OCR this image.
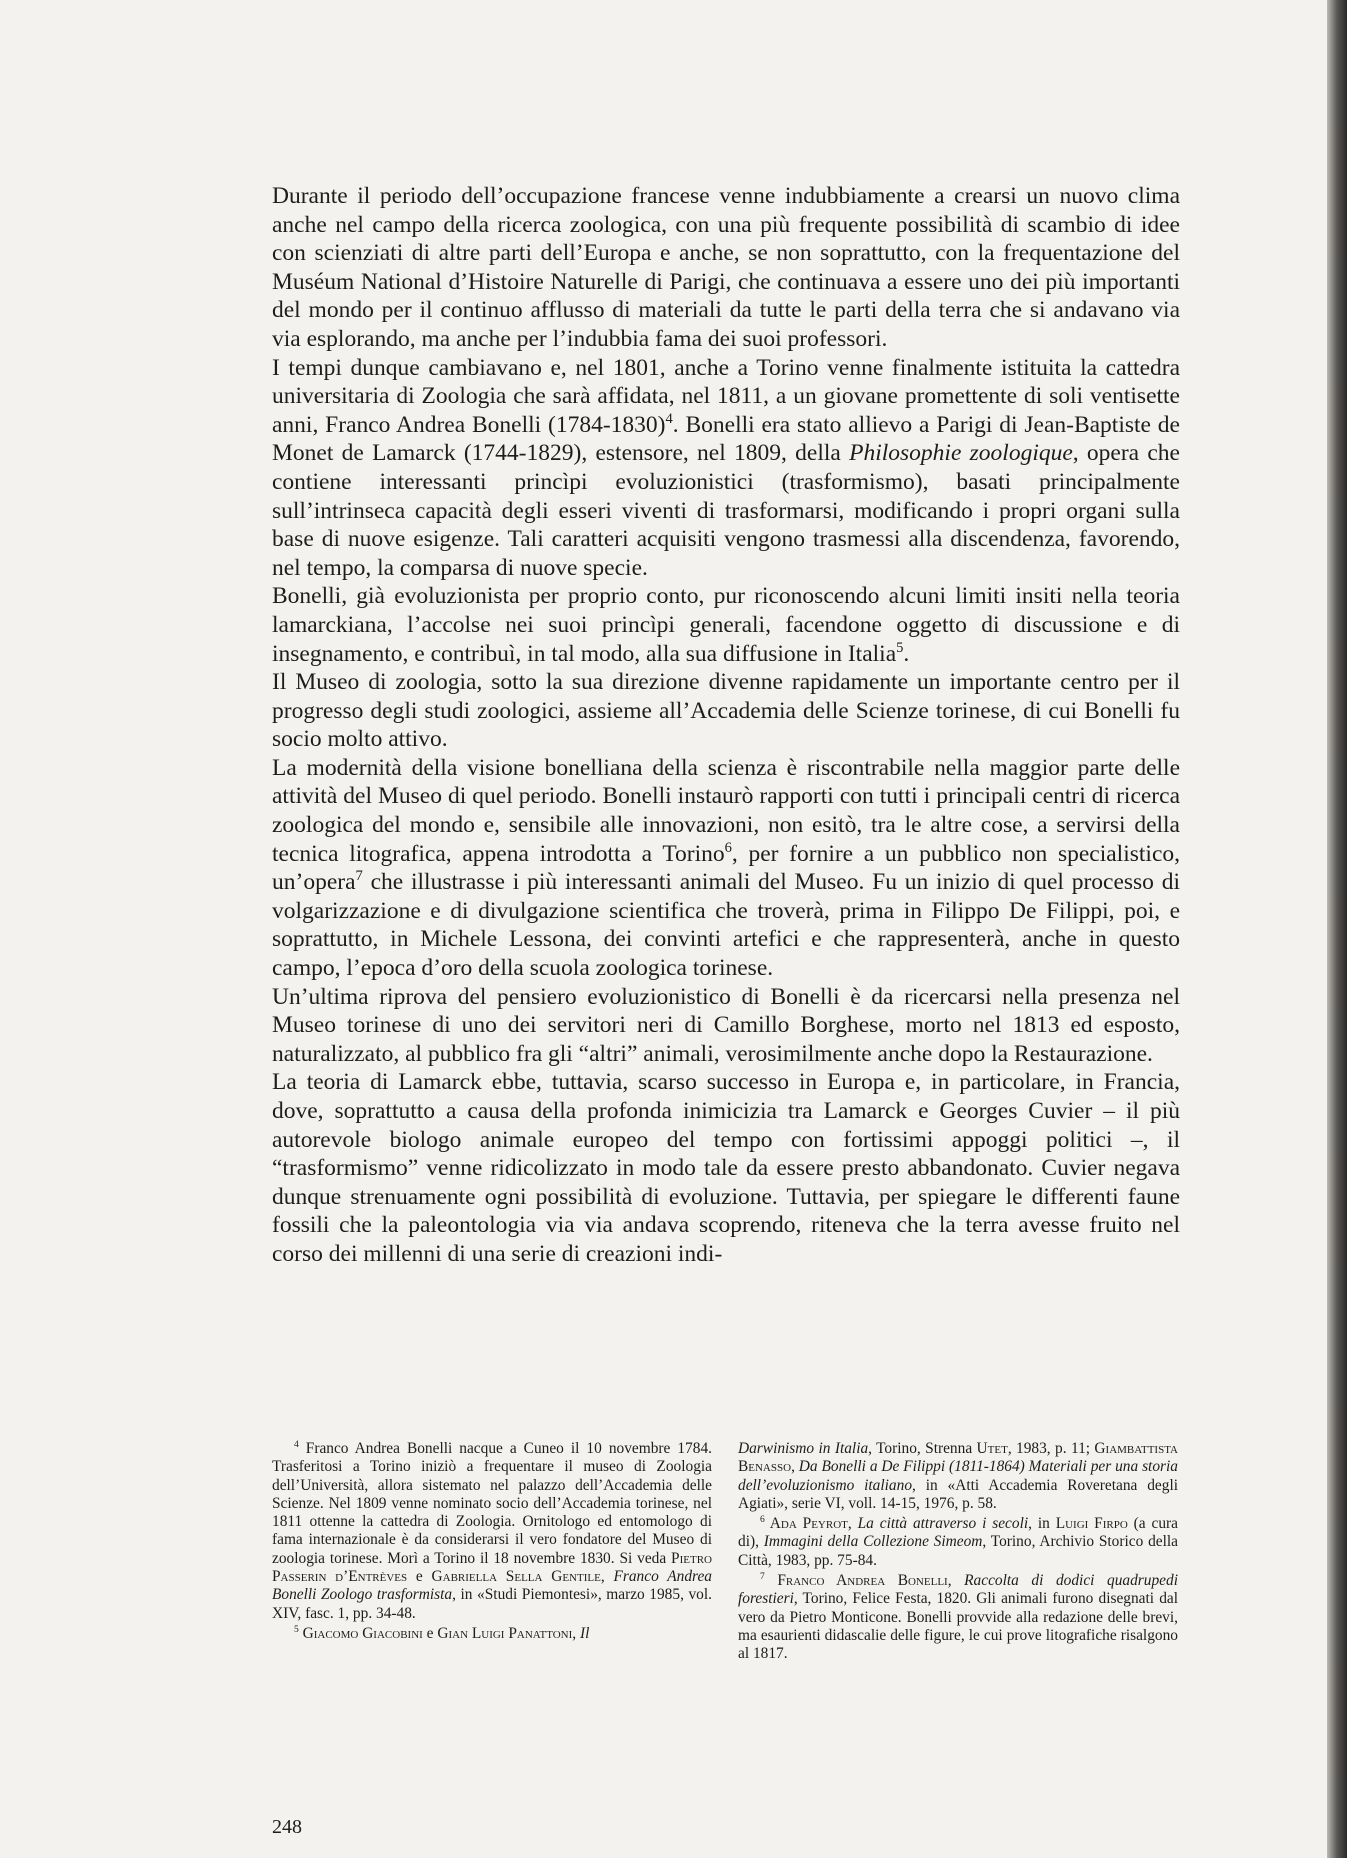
Durante il periodo dell’occupazione francese venne indubbiamente a crearsi un nuovo clima anche nel campo della ricerca zoologica, con una più frequente possibilità di scambio di idee con scienziati di altre parti dell’Europa e anche, se non soprattutto, con la frequentazione del Muséum National d’Histoire Naturelle di Parigi, che continuava a essere uno dei più importanti del mondo per il continuo afflusso di materiali da tutte le parti della terra che si andavano via via esplorando, ma anche per l’indubbia fama dei suoi professori.

I tempi dunque cambiavano e, nel 1801, anche a Torino venne finalmente istituita la cattedra universitaria di Zoologia che sarà affidata, nel 1811, a un giovane promettente di soli ventisette anni, Franco Andrea Bonelli (1784-1830)$^4$. Bonelli era stato allievo a Parigi di Jean-Baptiste de Monet de Lamarck (1744-1829), estensore, nel 1809, della Philosophie zoologique, opera che contiene interessanti princìpi evoluzionistici (trasformismo), basati principalmente sull’intrinseca capacità degli esseri viventi di trasformarsi, modificando i propri organi sulla base di nuove esigenze. Tali caratteri acquisiti vengono trasmessi alla discendenza, favorendo, nel tempo, la comparsa di nuove specie.

Bonelli, già evoluzionista per proprio conto, pur riconoscendo alcuni limiti insiti nella teoria lamarckiana, l’accolse nei suoi princìpi generali, facendone oggetto di discussione e di insegnamento, e contribuì, in tal modo, alla sua diffusione in Italia$^5$.

Il Museo di zoologia, sotto la sua direzione divenne rapidamente un importante centro per il progresso degli studi zoologici, assieme all’Accademia delle Scienze torinese, di cui Bonelli fu socio molto attivo.

La modernità della visione bonelliana della scienza è riscontrabile nella maggior parte delle attività del Museo di quel periodo. Bonelli instaurò rapporti con tutti i principali centri di ricerca zoologica del mondo e, sensibile alle innovazioni, non esitò, tra le altre cose, a servirsi della tecnica litografica, appena introdotta a Torino$^6$, per fornire a un pubblico non specialistico, un’opera$^7$ che illustrasse i più interessanti animali del Museo. Fu un inizio di quel processo di volgarizzazione e di divulgazione scientifica che troverà, prima in Filippo De Filippi, poi, e soprattutto, in Michele Lessona, dei convinti artefici e che rappresenterà, anche in questo campo, l’epoca d’oro della scuola zoologica torinese.

Un’ultima riprova del pensiero evoluzionistico di Bonelli è da ricercarsi nella presenza nel Museo torinese di uno dei servitori neri di Camillo Borghese, morto nel 1813 ed esposto, naturalizzato, al pubblico fra gli “altri” animali, verosimilmente anche dopo la Restaurazione.

La teoria di Lamarck ebbe, tuttavia, scarso successo in Europa e, in particolare, in Francia, dove, soprattutto a causa della profonda inimicizia tra Lamarck e Georges Cuvier – il più autorevole biologo animale europeo del tempo con fortissimi appoggi politici –, il “trasformismo” venne ridicolizzato in modo tale da essere presto abbandonato. Cuvier negava dunque strenuamente ogni possibilità di evoluzione. Tuttavia, per spiegare le differenti faune fossili che la paleontologia via via andava scoprendo, riteneva che la terra avesse fruito nel corso dei millenni di una serie di creazioni indi-

$^4$ Franco Andrea Bonelli nacque a Cuneo il 10 novembre 1784. Trasferitosi a Torino iniziò a frequentare il museo di Zoologia dell’Università, allora sistemato nel palazzo dell’Accademia delle Scienze. Nel 1809 venne nominato socio dell’Accademia torinese, nel 1811 ottenne la cattedra di Zoologia. Ornitologo ed entomologo di fama internazionale è da considerarsi il vero fondatore del Museo di zoologia torinese. Morì a Torino il 18 novembre 1830. Si veda Pietro Passerin d’Entrèves e Gabriella Sella Gentile, Franco Andrea Bonelli Zoologo trasformista, in «Studi Piemontesi», marzo 1985, vol. XIV, fasc. 1, pp. 34-48.

$^5$ Giacomo Giacobini e Gian Luigi Panattoni, Il

Darwinismo in Italia, Torino, Strenna Utet, 1983, p. 11; Giambattista Benasso, Da Bonelli a De Filippi (1811-1864) Materiali per una storia dell’evoluzionismo italiano, in «Atti Accademia Roveretana degli Agiati», serie VI, voll. 14-15, 1976, p. 58.

$^6$ Ada Peyrot, La città attraverso i secoli, in Luigi Firpo (a cura di), Immagini della Collezione Simeom, Torino, Archivio Storico della Città, 1983, pp. 75-84.

$^7$ Franco Andrea Bonelli, Raccolta di dodici quadrupedi forestieri, Torino, Felice Festa, 1820. Gli animali furono disegnati dal vero da Pietro Monticone. Bonelli provvide alla redazione delle brevi, ma esaurienti didascalie delle figure, le cui prove litografiche risalgono al 1817.

248
